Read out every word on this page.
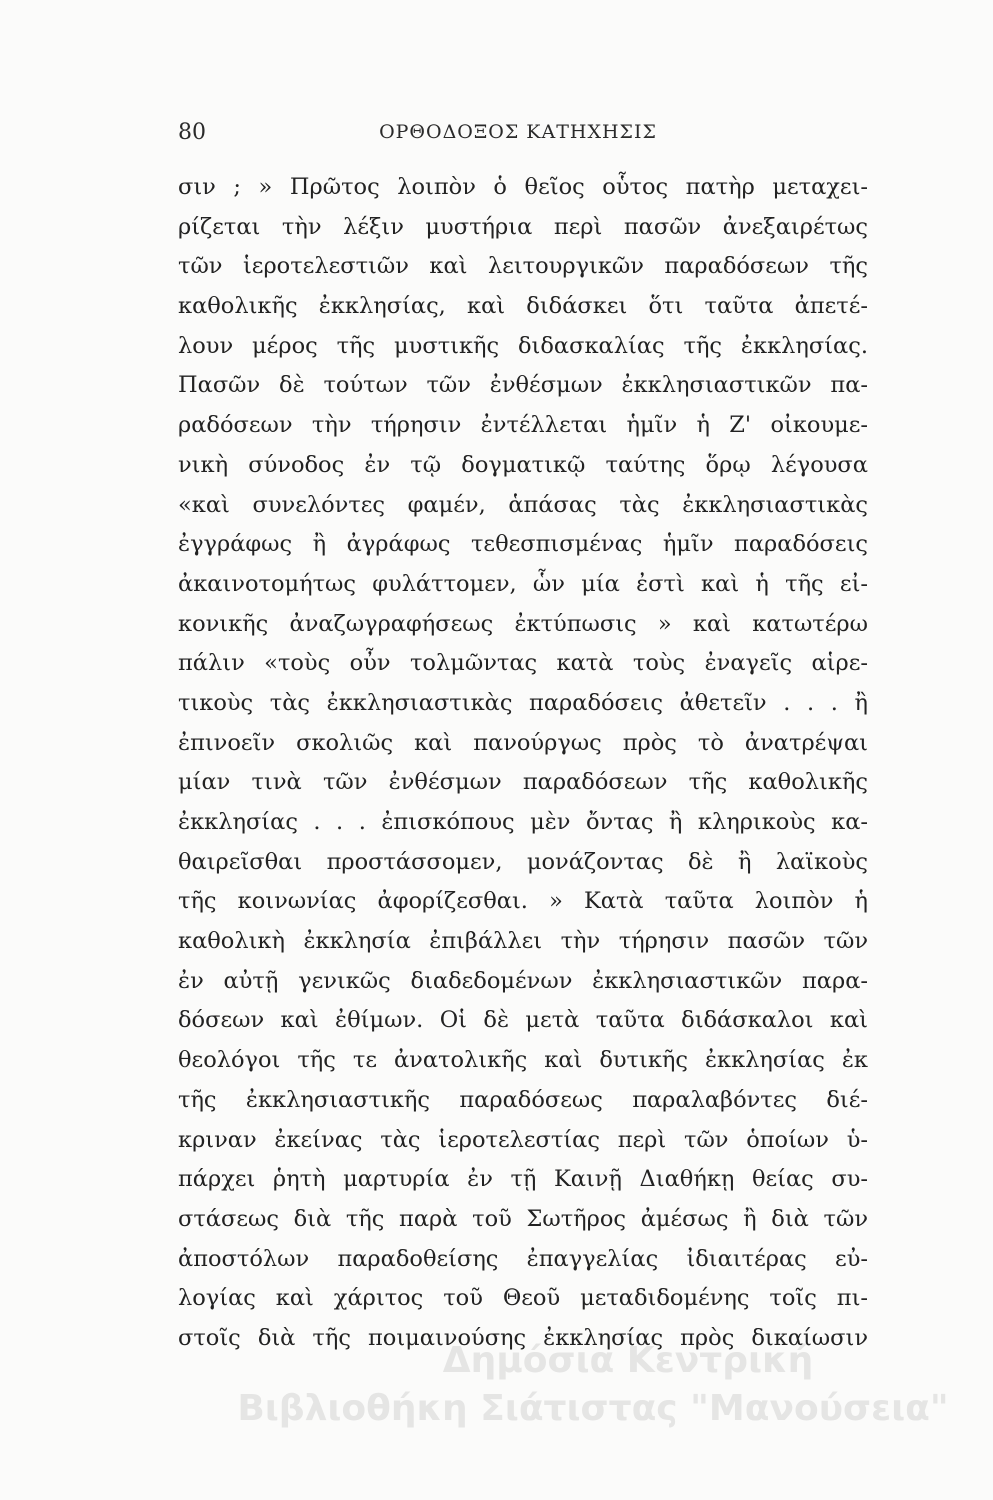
80	ΟΡΘΟΔΟΞΟΣ ΚΑΤΗΧΗΣΙΣ
σιν ; » Πρῶτος λοιπὸν ὁ θεῖος οὗτος πατὴρ μεταχει-
ρίζεται τὴν λέξιν μυστήρια περὶ πασῶν ἀνεξαιρέτως
τῶν ἱεροτελεστιῶν καὶ λειτουργικῶν παραδόσεων τῆς
καθολικῆς ἐκκλησίας, καὶ διδάσκει ὅτι ταῦτα ἀπετέ-
λουν μέρος τῆς μυστικῆς διδασκαλίας τῆς ἐκκλησίας.
Πασῶν δὲ τούτων τῶν ἐνθέσμων ἐκκλησιαστικῶν πα-
ραδόσεων τὴν τήρησιν ἐντέλλεται ἡμῖν ἡ Ζ' οἰκουμε-
νικὴ σύνοδος ἐν τῷ δογματικῷ ταύτης ὅρῳ λέγουσα
«καὶ συνελόντες φαμέν, ἁπάσας τὰς ἐκκλησιαστικὰς
ἐγγράφως ἢ ἀγράφως τεθεσπισμένας ἡμῖν παραδόσεις
ἀκαινοτομήτως φυλάττομεν, ὧν μία ἐστὶ καὶ ἡ τῆς εἰ-
κονικῆς ἀναζωγραφήσεως ἐκτύπωσις » καὶ κατωτέρω
πάλιν «τοὺς οὖν τολμῶντας κατὰ τοὺς ἐναγεῖς αἱρε-
τικοὺς τὰς ἐκκλησιαστικὰς παραδόσεις ἀθετεῖν . . . ἢ
ἐπινοεῖν σκολιῶς καὶ πανούργως πρὸς τὸ ἀνατρέψαι
μίαν τινὰ τῶν ἐνθέσμων παραδόσεων τῆς καθολικῆς
ἐκκλησίας . . . ἐπισκόπους μὲν ὄντας ἢ κληρικοὺς κα-
θαιρεῖσθαι προστάσσομεν, μονάζοντας δὲ ἢ λαϊκοὺς
τῆς κοινωνίας ἀφορίζεσθαι. » Κατὰ ταῦτα λοιπὸν ἡ
καθολικὴ ἐκκλησία ἐπιβάλλει τὴν τήρησιν πασῶν τῶν
ἐν αὐτῇ γενικῶς διαδεδομένων ἐκκλησιαστικῶν παρα-
δόσεων καὶ ἐθίμων. Οἱ δὲ μετὰ ταῦτα διδάσκαλοι καὶ
θεολόγοι τῆς τε ἀνατολικῆς καὶ δυτικῆς ἐκκλησίας ἐκ
τῆς ἐκκλησιαστικῆς παραδόσεως παραλαβόντες διέ-
κριναν ἐκείνας τὰς ἱεροτελεστίας περὶ τῶν ὁποίων ὑ-
πάρχει ῥητὴ μαρτυρία ἐν τῇ Καινῇ Διαθήκῃ θείας συ-
στάσεως διὰ τῆς παρὰ τοῦ Σωτῆρος ἀμέσως ἢ διὰ τῶν
ἀποστόλων παραδοθείσης ἐπαγγελίας ἰδιαιτέρας εὐ-
λογίας καὶ χάριτος τοῦ Θεοῦ μεταδιδομένης τοῖς πι-
στοῖς διὰ τῆς ποιμαινούσης ἐκκλησίας πρὸς δικαίωσιν
Δημόσια Κεντρική
Βιβλιοθήκη Σιάτιστας "Μανούσεια"
